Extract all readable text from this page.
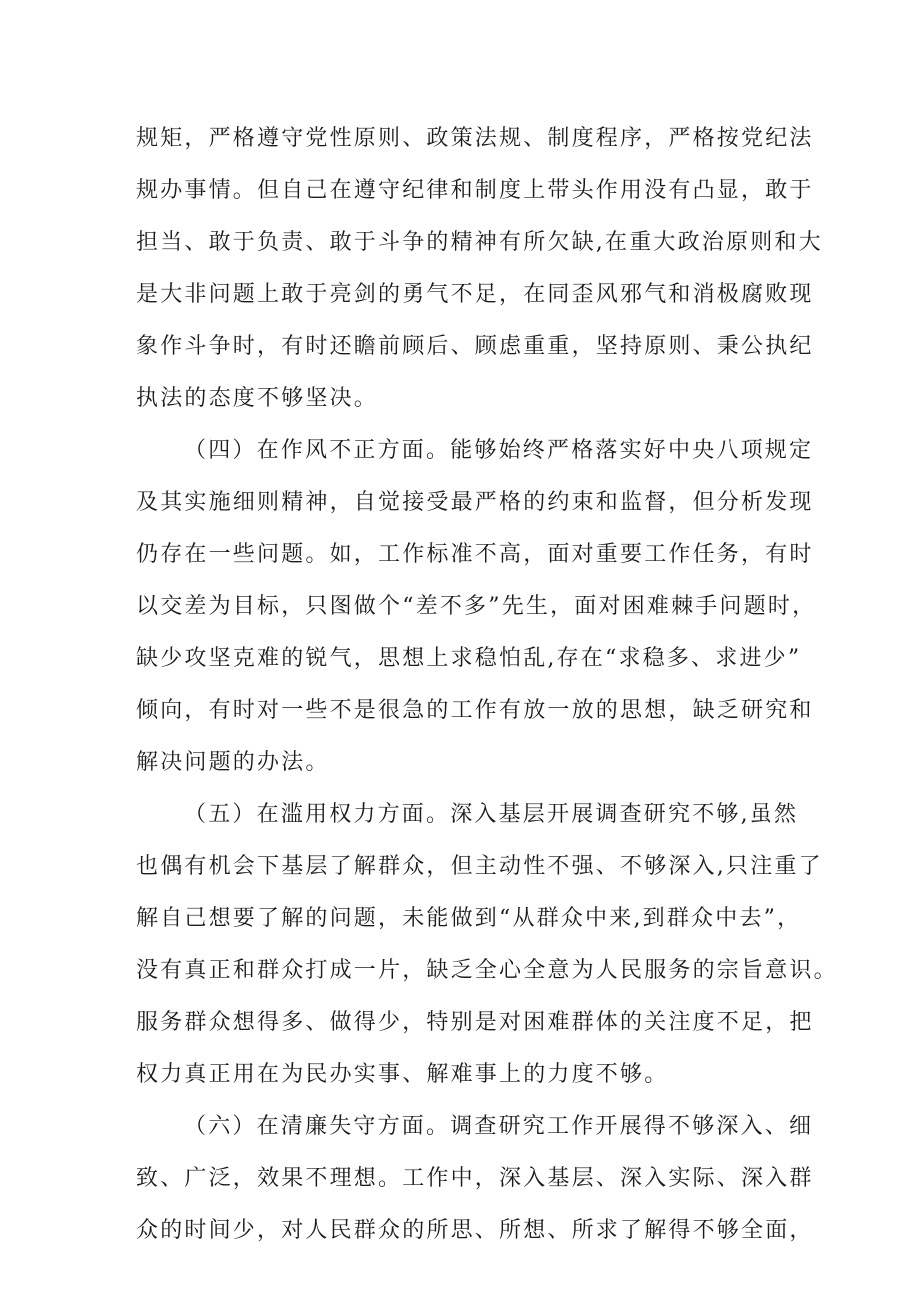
规矩，严格遵守党性原则、政策法规、制度程序，严格按党纪法
规办事情。但自己在遵守纪律和制度上带头作用没有凸显，敢于
担当、敢于负责、敢于斗争的精神有所欠缺,在重大政治原则和大
是大非问题上敢于亮剑的勇气不足，在同歪风邪气和消极腐败现
象作斗争时，有时还瞻前顾后、顾虑重重，坚持原则、秉公执纪
执法的态度不够坚决。
（四）在作风不正方面。能够始终严格落实好中央八项规定
及其实施细则精神，自觉接受最严格的约束和监督，但分析发现
仍存在一些问题。如，工作标准不高，面对重要工作任务，有时
以交差为目标，只图做个“差不多”先生，面对困难棘手问题时，
缺少攻坚克难的锐气，思想上求稳怕乱,存在“求稳多、求进少”
倾向，有时对一些不是很急的工作有放一放的思想，缺乏研究和
解决问题的办法。
（五）在滥用权力方面。深入基层开展调查研究不够,虽然
也偶有机会下基层了解群众，但主动性不强、不够深入,只注重了
解自己想要了解的问题，未能做到“从群众中来,到群众中去”，
没有真正和群众打成一片，缺乏全心全意为人民服务的宗旨意识。
服务群众想得多、做得少，特别是对困难群体的关注度不足，把
权力真正用在为民办实事、解难事上的力度不够。
（六）在清廉失守方面。调查研究工作开展得不够深入、细
致、广泛，效果不理想。工作中，深入基层、深入实际、深入群
众的时间少，对人民群众的所思、所想、所求了解得不够全面，
